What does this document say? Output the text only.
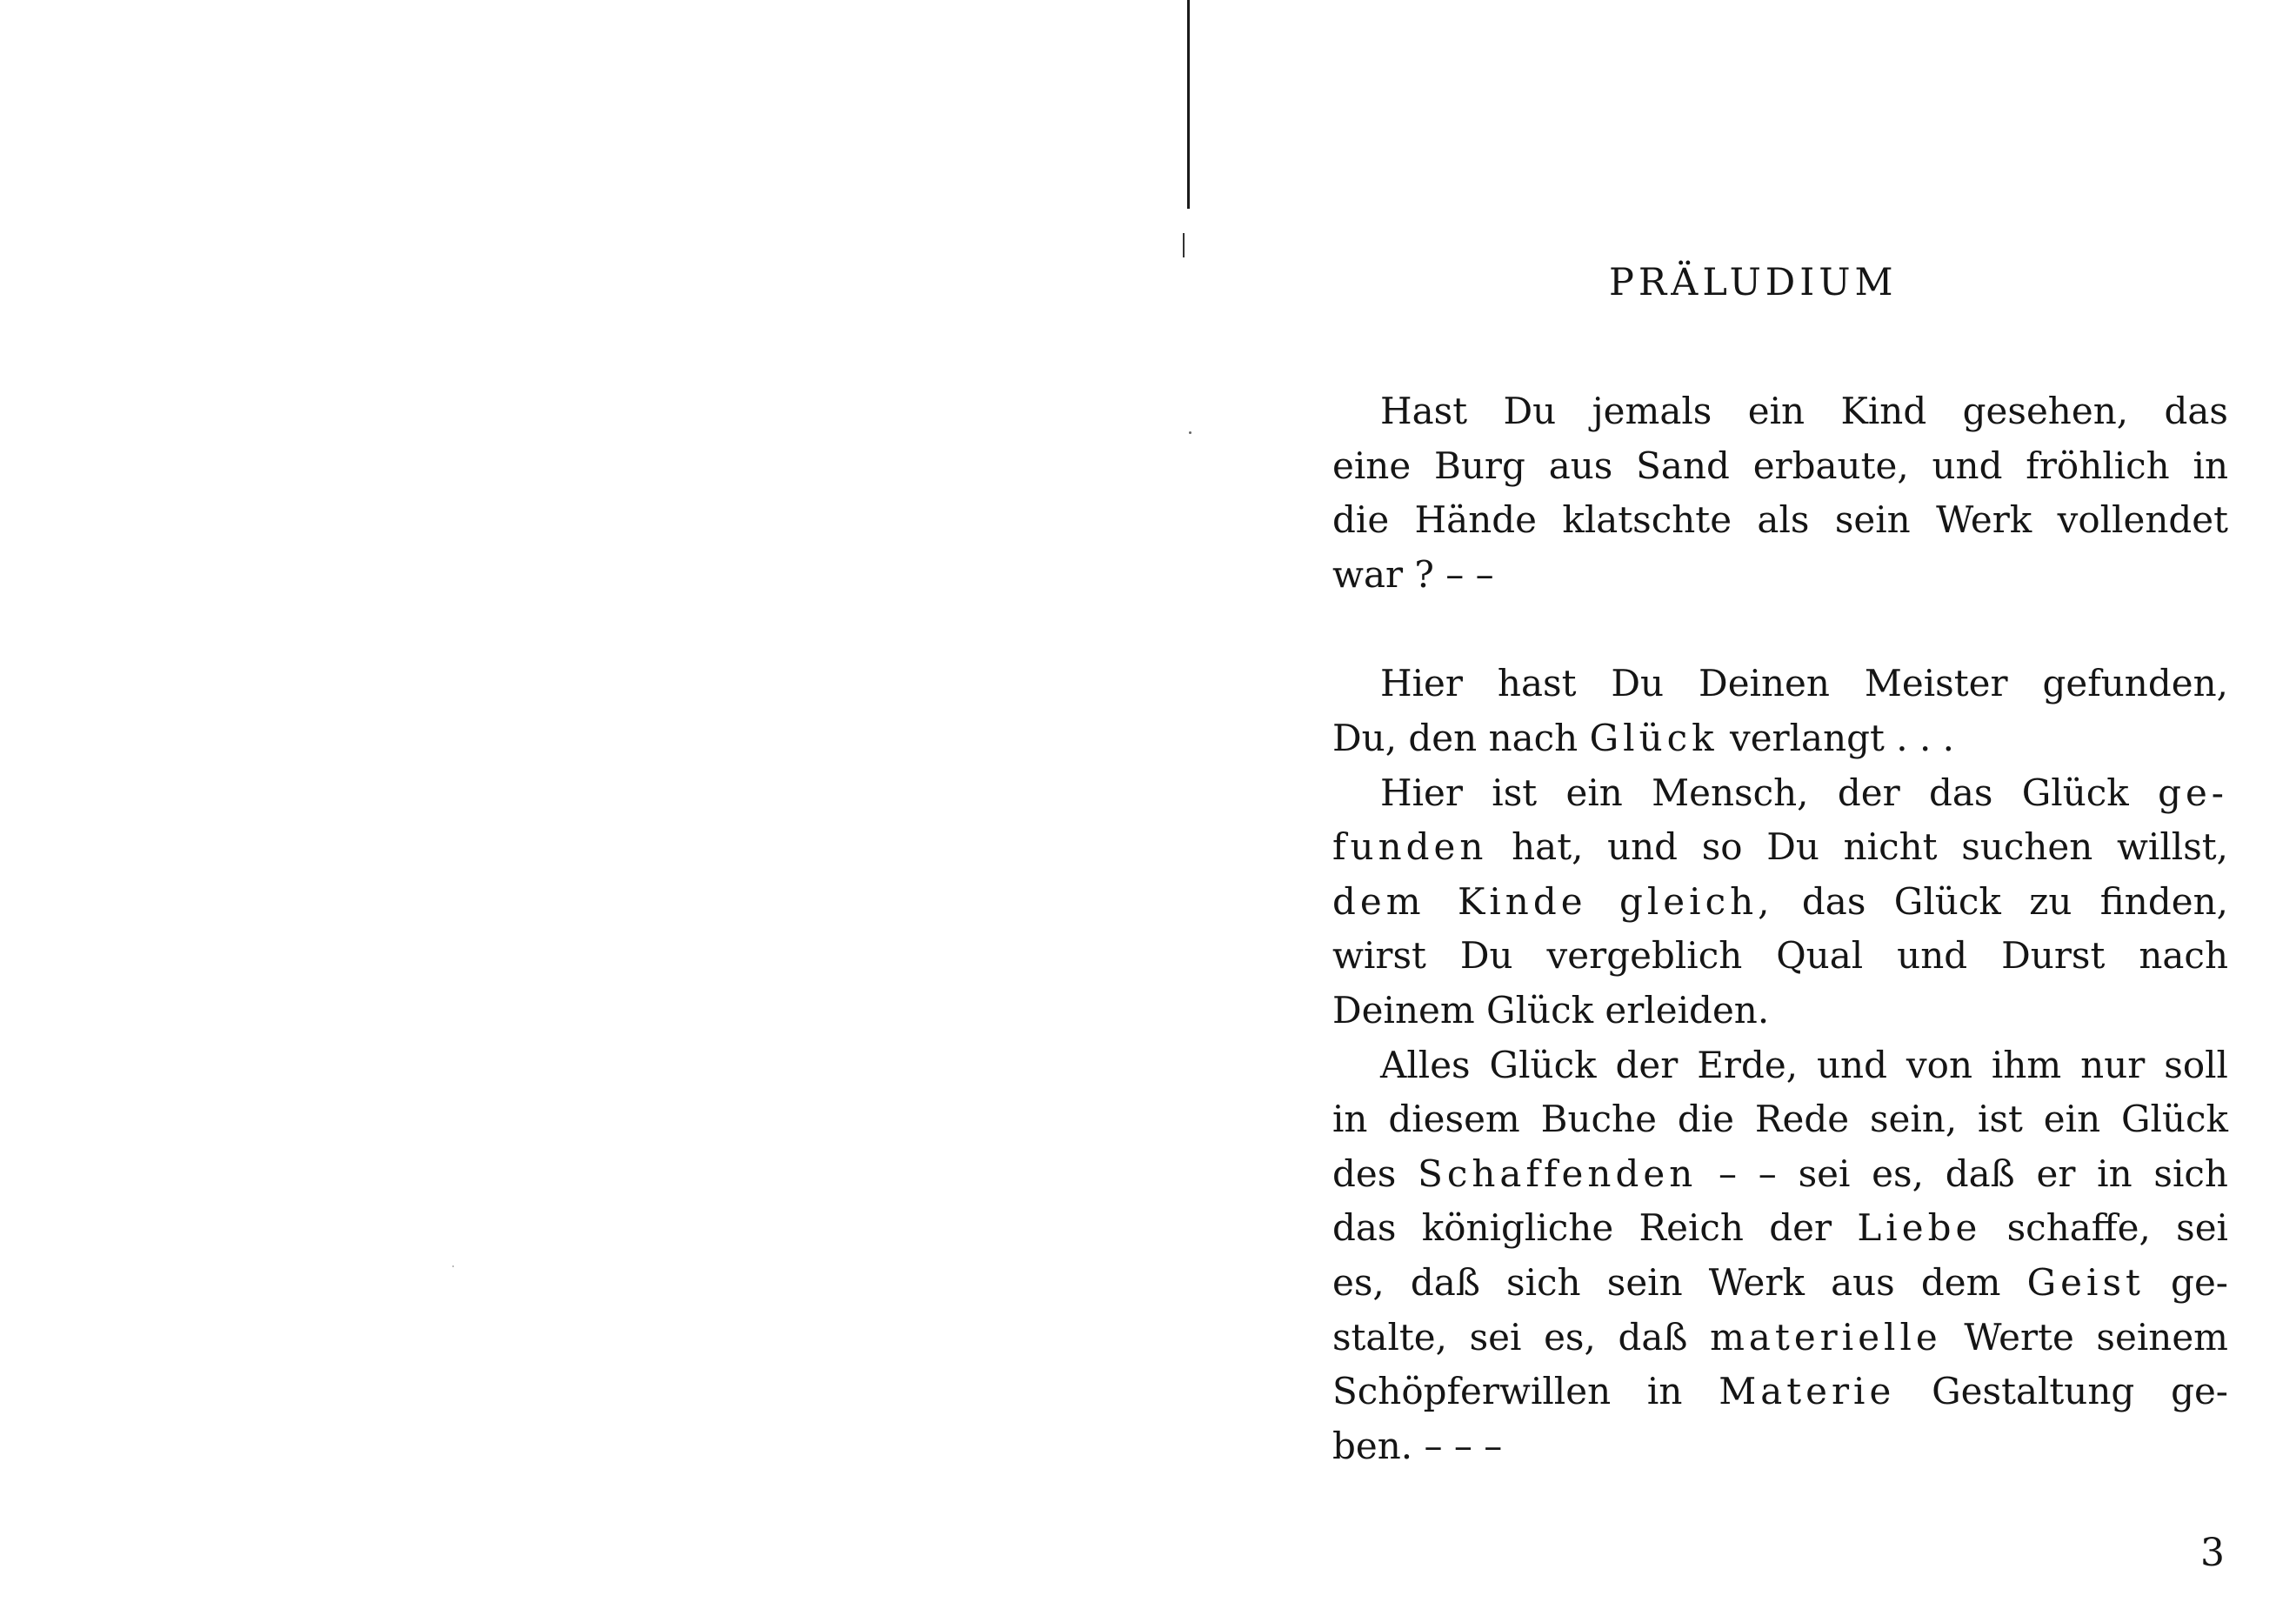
PRÄLUDIUM
Hast Du jemals ein Kind gesehen, das
eine Burg aus Sand erbaute, und fröhlich in
die Hände klatschte als sein Werk vollendet
war ? – –
Hier hast Du Deinen Meister gefunden,
Du, den nach Glück verlangt . . .
Hier ist ein Mensch, der das Glück ge-
funden hat, und so Du nicht suchen willst,
dem Kinde gleich, das Glück zu finden,
wirst Du vergeblich Qual und Durst nach
Deinem Glück erleiden.
Alles Glück der Erde, und von ihm nur soll
in diesem Buche die Rede sein, ist ein Glück
des Schaffenden – – sei es, daß er in sich
das königliche Reich der Liebe schaffe, sei
es, daß sich sein Werk aus dem Geist ge-
stalte, sei es, daß materielle Werte seinem
Schöpferwillen in Materie Gestaltung ge-
ben. – – –
3
